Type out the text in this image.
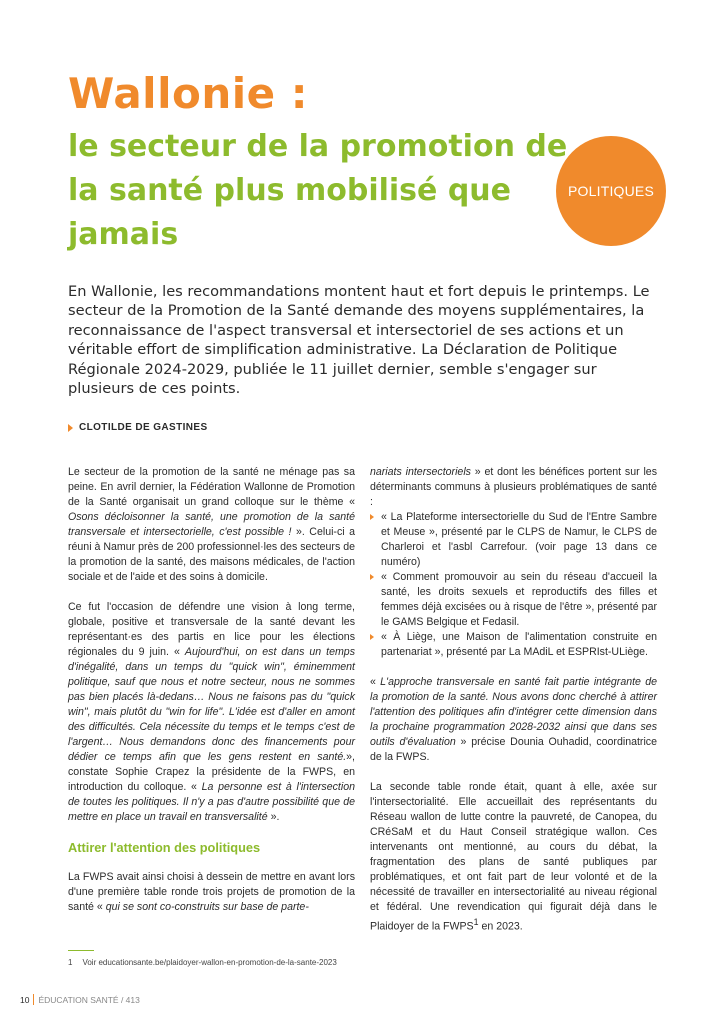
Wallonie :
le secteur de la promotion de la santé plus mobilisé que jamais
POLITIQUES

En Wallonie, les recommandations montent haut et fort depuis le printemps. Le secteur de la Promotion de la Santé demande des moyens supplémentaires, la reconnaissance de l'aspect transversal et intersectoriel de ses actions et un véritable effort de simplification administrative. La Déclaration de Politique Régionale 2024-2029, publiée le 11 juillet dernier, semble s'engager sur plusieurs de ces points.

CLOTILDE DE GASTINES

Le secteur de la promotion de la santé ne ménage pas sa peine. En avril dernier, la Fédération Wallonne de Promotion de la Santé organisait un grand colloque sur le thème « Osons décloisonner la santé, une promotion de la santé transversale et intersectorielle, c'est possible ! ». Celui-ci a réuni à Namur près de 200 professionnel·les des secteurs de la promotion de la santé, des maisons médicales, de l'action sociale et de l'aide et des soins à domicile.

Ce fut l'occasion de défendre une vision à long terme, globale, positive et transversale de la santé devant les représentant·es des partis en lice pour les élections régionales du 9 juin. « Aujourd'hui, on est dans un temps d'inégalité, dans un temps du "quick win", éminemment politique, sauf que nous et notre secteur, nous ne sommes pas bien placés là-dedans… Nous ne faisons pas du "quick win", mais plutôt du "win for life". L'idée est d'aller en amont des difficultés. Cela nécessite du temps et le temps c'est de l'argent… Nous demandons donc des financements pour dédier ce temps afin que les gens restent en santé.», constate Sophie Crapez la présidente de la FWPS, en introduction du colloque. « La personne est à l'intersection de toutes les politiques. Il n'y a pas d'autre possibilité que de mettre en place un travail en transversalité ».

Attirer l'attention des politiques

La FWPS avait ainsi choisi à dessein de mettre en avant lors d'une première table ronde trois projets de promotion de la santé « qui se sont co-construits sur base de parte-

nariats intersectoriels » et dont les bénéfices portent sur les déterminants communs à plusieurs problématiques de santé :

« La Plateforme intersectorielle du Sud de l'Entre Sambre et Meuse », présenté par le CLPS de Namur, le CLPS de Charleroi et l'asbl Carrefour. (voir page 13 dans ce numéro)
« Comment promouvoir au sein du réseau d'accueil la santé, les droits sexuels et reproductifs des filles et femmes déjà excisées ou à risque de l'être », présenté par le GAMS Belgique et Fedasil.
« À Liège, une Maison de l'alimentation construite en partenariat », présenté par La MAdiL et ESPRIst-ULiège.

« L'approche transversale en santé fait partie intégrante de la promotion de la santé. Nous avons donc cherché à attirer l'attention des politiques afin d'intégrer cette dimension dans la prochaine programmation 2028-2032 ainsi que dans ses outils d'évaluation » précise Dounia Ouhadid, coordinatrice de la FWPS.

La seconde table ronde était, quant à elle, axée sur l'intersectorialité. Elle accueillait des représentants du Réseau wallon de lutte contre la pauvreté, de Canopea, du CRéSaM et du Haut Conseil stratégique wallon. Ces intervenants ont mentionné, au cours du débat, la fragmentation des plans de santé publiques par problématiques, et ont fait part de leur volonté et de la nécessité de travailler en intersectorialité au niveau régional et fédéral. Une revendication qui figurait déjà dans le Plaidoyer de la FWPS$^1$ en 2023.

1 Voir educationsante.be/plaidoyer-wallon-en-promotion-de-la-sante-2023
10 ÉDUCATION SANTÉ / 413
